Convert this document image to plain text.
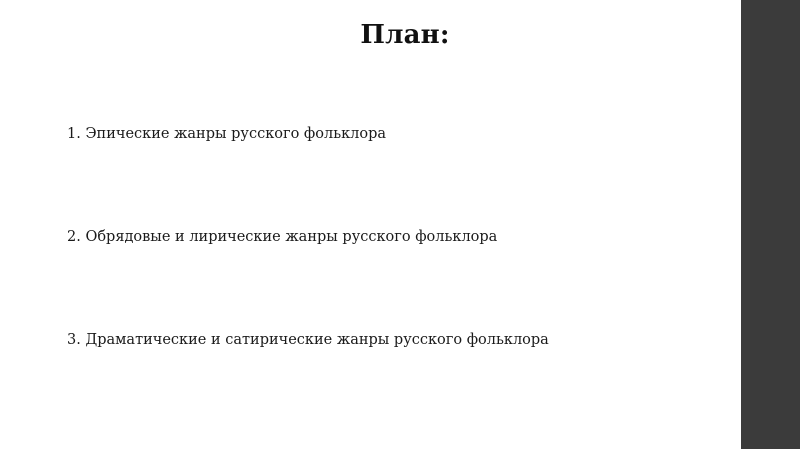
План:
1. Эпические жанры русского фольклора
2. Обрядовые и лирические жанры русского фольклора
3. Драматические и сатирические жанры русского фольклора
